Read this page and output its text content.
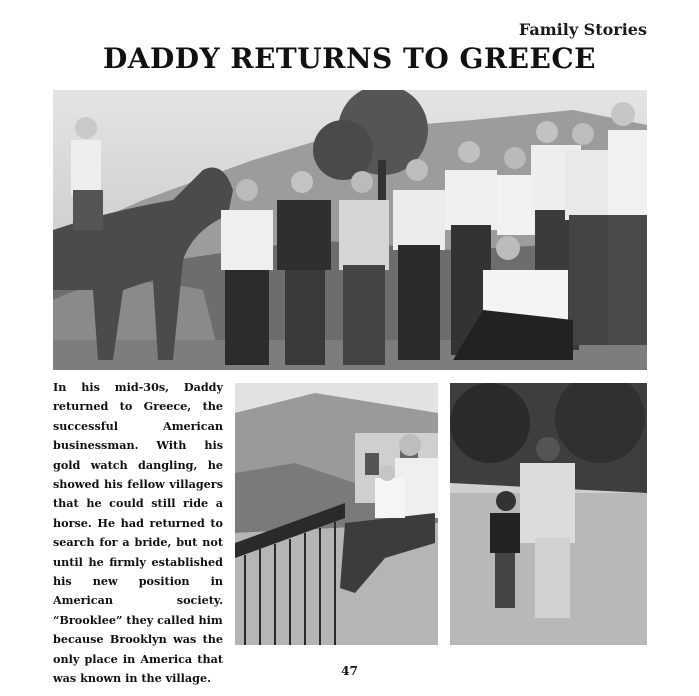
Family Stories
DADDY RETURNS TO GREECE

In his mid-30s, Daddy returned to Greece, the successful American businessman. With his gold watch dangling, he showed his fellow villagers that he could still ride a horse. He had returned to search for a bride, but not until he firmly established his new position in American society. “Brooklee” they called him
because Brooklyn was the only place in America that was known in the village.

47
